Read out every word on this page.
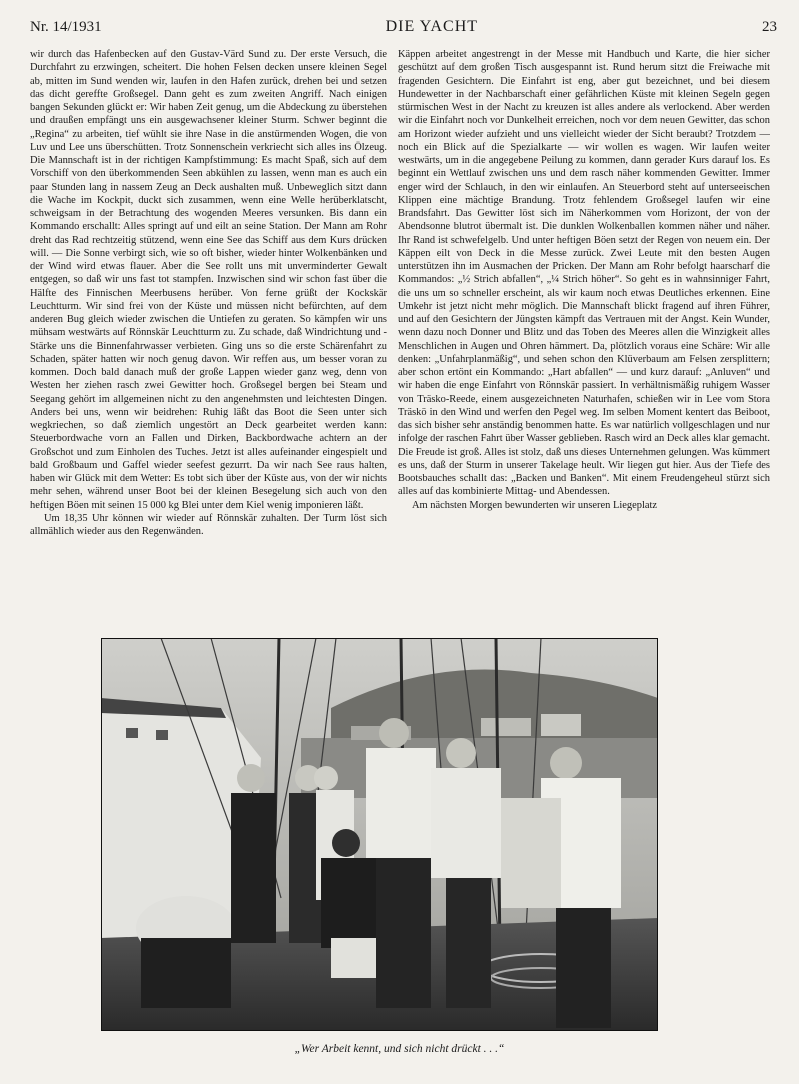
Nr. 14/1931	DIE YACHT	23

wir durch das Hafenbecken auf den Gustav-Värd Sund zu. Der erste Versuch, die Durchfahrt zu erzwingen, scheitert. Die hohen Felsen decken unsere kleinen Segel ab, mitten im Sund wenden wir, laufen in den Hafen zurück, drehen bei und setzen das dicht gereffte Großsegel. Dann geht es zum zweiten Angriff. Nach einigen bangen Sekunden glückt er: Wir haben Zeit genug, um die Abdeckung zu überstehen und draußen empfängt uns ein ausgewachsener kleiner Sturm. Schwer beginnt die „Regina“ zu arbeiten, tief wühlt sie ihre Nase in die anstürmenden Wogen, die von Luv und Lee uns überschütten. Trotz Sonnenschein verkriecht sich alles ins Ölzeug. Die Mannschaft ist in der richtigen Kampfstimmung: Es macht Spaß, sich auf dem Vorschiff von den überkommenden Seen abkühlen zu lassen, wenn man es auch ein paar Stunden lang in nassem Zeug an Deck aushalten muß. Unbeweglich sitzt dann die Wache im Kockpit, duckt sich zusammen, wenn eine Welle herüberklatscht, schweigsam in der Betrachtung des wogenden Meeres versunken. Bis dann ein Kommando erschallt: Alles springt auf und eilt an seine Station. Der Mann am Rohr dreht das Rad rechtzeitig stützend, wenn eine See das Schiff aus dem Kurs drücken will. — Die Sonne verbirgt sich, wie so oft bisher, wieder hinter Wolkenbänken und der Wind wird etwas flauer. Aber die See rollt uns mit unverminderter Gewalt entgegen, so daß wir uns fast tot stampfen. Inzwischen sind wir schon fast über die Hälfte des Finnischen Meerbusens herüber. Von ferne grüßt der Kockskär Leuchtturm. Wir sind frei von der Küste und müssen nicht befürchten, auf dem anderen Bug gleich wieder zwischen die Untiefen zu geraten. So kämpfen wir uns mühsam westwärts auf Rönnskär Leuchtturm zu. Zu schade, daß Windrichtung und -Stärke uns die Binnenfahrwasser verbieten. Ging uns so die erste Schärenfahrt zu Schaden, später hatten wir noch genug davon. Wir reffen aus, um besser voran zu kommen. Doch bald danach muß der große Lappen wieder ganz weg, denn von Westen her ziehen rasch zwei Gewitter hoch. Großsegel bergen bei Steam und Seegang gehört im allgemeinen nicht zu den angenehmsten und leichtesten Dingen. Anders bei uns, wenn wir beidrehen: Ruhig läßt das Boot die Seen unter sich wegkriechen, so daß ziemlich ungestört an Deck gearbeitet werden kann: Steuerbordwache vorn an Fallen und Dirken, Backbordwache achtern an der Großschot und zum Einholen des Tuches. Jetzt ist alles aufeinander eingespielt und bald Großbaum und Gaffel wieder seefest gezurrt. Da wir nach See raus halten, haben wir Glück mit dem Wetter: Es tobt sich über der Küste aus, von der wir nichts mehr sehen, während unser Boot bei der kleinen Besegelung sich auch von den heftigen Böen mit seinen 15 000 kg Blei unter dem Kiel wenig imponieren läßt.

Um 18,35 Uhr können wir wieder auf Rönnskär zuhalten. Der Turm löst sich allmählich wieder aus den Regenwänden.

Käppen arbeitet angestrengt in der Messe mit Handbuch und Karte, die hier sicher geschützt auf dem großen Tisch ausgespannt ist. Rund herum sitzt die Freiwache mit fragenden Gesichtern. Die Einfahrt ist eng, aber gut bezeichnet, und bei diesem Hundewetter in der Nachbarschaft einer gefährlichen Küste mit kleinen Segeln gegen stürmischen West in der Nacht zu kreuzen ist alles andere als verlockend. Aber werden wir die Einfahrt noch vor Dunkelheit erreichen, noch vor dem neuen Gewitter, das schon am Horizont wieder aufzieht und uns vielleicht wieder der Sicht beraubt? Trotzdem — noch ein Blick auf die Spezialkarte — wir wollen es wagen. Wir laufen weiter westwärts, um in die angegebene Peilung zu kommen, dann gerader Kurs darauf los. Es beginnt ein Wettlauf zwischen uns und dem rasch näher kommenden Gewitter. Immer enger wird der Schlauch, in den wir einlaufen. An Steuerbord steht auf unterseeischen Klippen eine mächtige Brandung. Trotz fehlendem Großsegel laufen wir eine Brandsfahrt. Das Gewitter löst sich im Näherkommen vom Horizont, der von der Abendsonne blutrot übermalt ist. Die dunklen Wolkenballen kommen näher und näher. Ihr Rand ist schwefelgelb. Und unter heftigen Böen setzt der Regen von neuem ein. Der Käppen eilt von Deck in die Messe zurück. Zwei Leute mit den besten Augen unterstützen ihn im Ausmachen der Pricken. Der Mann am Rohr befolgt haarscharf die Kommandos: „½ Strich abfallen“, „¼ Strich höher“. So geht es in wahnsinniger Fahrt, die uns um so schneller erscheint, als wir kaum noch etwas Deutliches erkennen. Eine Umkehr ist jetzt nicht mehr möglich. Die Mannschaft blickt fragend auf ihren Führer, und auf den Gesichtern der Jüngsten kämpft das Vertrauen mit der Angst. Kein Wunder, wenn dazu noch Donner und Blitz und das Toben des Meeres allen die Winzigkeit alles Menschlichen in Augen und Ohren hämmert. Da, plötzlich voraus eine Schäre: Wir alle denken: „Unfahrplanmäßig“, und sehen schon den Klüverbaum am Felsen zersplittern; aber schon ertönt ein Kommando: „Hart abfallen“ — und kurz darauf: „Anluven“ und wir haben die enge Einfahrt von Rönnskär passiert. In verhältnismäßig ruhigem Wasser von Träsko-Reede, einem ausgezeichneten Naturhafen, schießen wir in Lee vom Stora Träskö in den Wind und werfen den Pegel weg. Im selben Moment kentert das Beiboot, das sich bisher sehr anständig benommen hatte. Es war natürlich vollgeschlagen und nur infolge der raschen Fahrt über Wasser geblieben. Rasch wird an Deck alles klar gemacht. Die Freude ist groß. Alles ist stolz, daß uns dieses Unternehmen gelungen. Was kümmert es uns, daß der Sturm in unserer Takelage heult. Wir liegen gut hier. Aus der Tiefe des Bootsbauches schallt das: „Backen und Banken“. Mit einem Freudengeheul stürzt sich alles auf das kombinierte Mittag- und Abendessen.

Am nächsten Morgen bewunderten wir unseren Liegeplatz

„Wer Arbeit kennt, und sich nicht drückt . . .“
